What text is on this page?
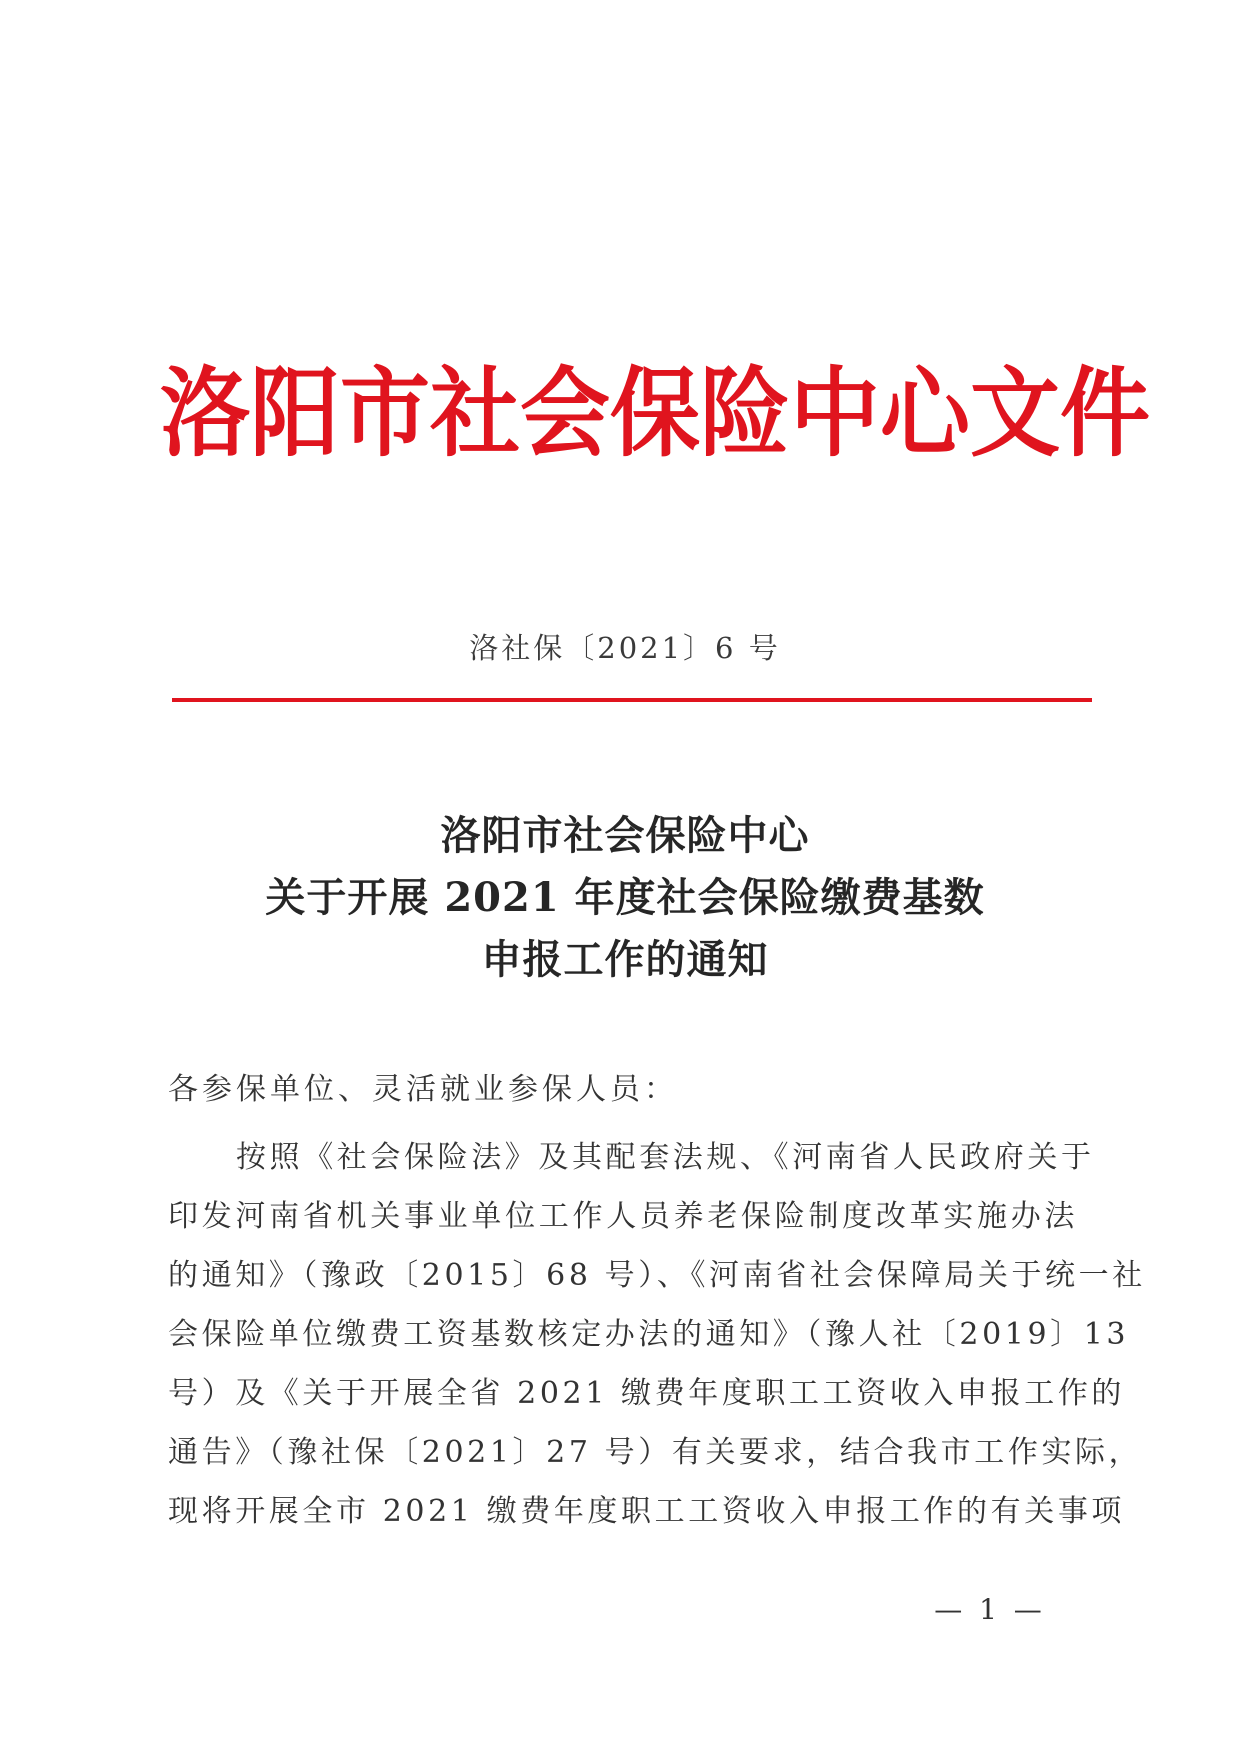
洛阳市社会保险中心文件
洛社保〔2021〕6 号
洛阳市社会保险中心
关于开展 2021 年度社会保险缴费基数
申报工作的通知
各参保单位、灵活就业参保人员：
按照《社会保险法》及其配套法规、《河南省人民政府关于
印发河南省机关事业单位工作人员养老保险制度改革实施办法
的通知》（豫政〔2015〕68 号）、《河南省社会保障局关于统一社
会保险单位缴费工资基数核定办法的通知》（豫人社〔2019〕13
号）及《关于开展全省 2021 缴费年度职工工资收入申报工作的
通告》（豫社保〔2021〕27 号）有关要求，结合我市工作实际，
现将开展全市 2021 缴费年度职工工资收入申报工作的有关事项
— 1 —
